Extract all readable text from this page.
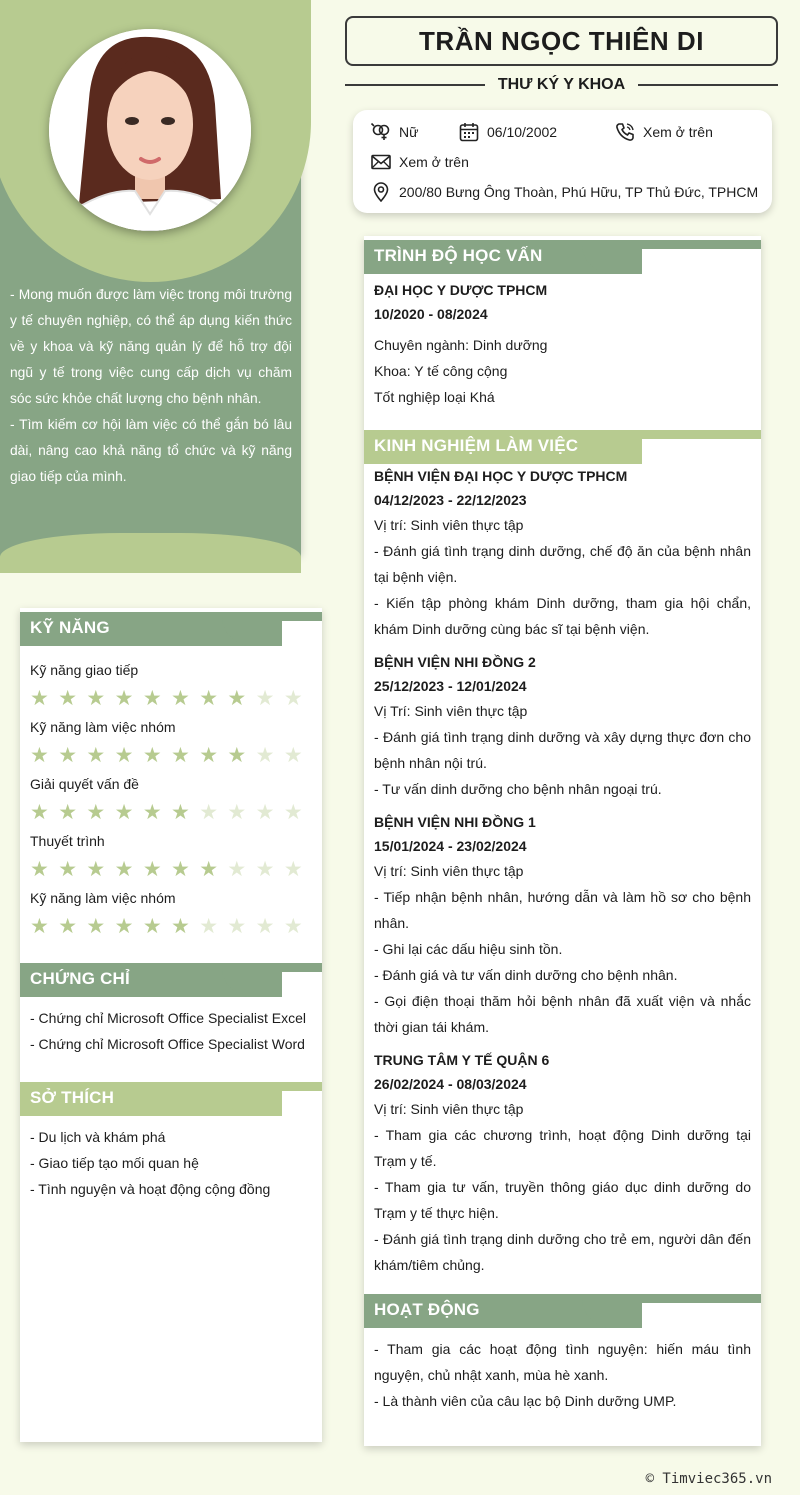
- Mong muốn được làm việc trong môi trường y tế chuyên nghiệp, có thể áp dụng kiến thức về y khoa và kỹ năng quản lý để hỗ trợ đội ngũ y tế trong việc cung cấp dịch vụ chăm sóc sức khỏe chất lượng cho bệnh nhân.

- Tìm kiếm cơ hội làm việc có thể gắn bó lâu dài, nâng cao khả năng tổ chức và kỹ năng giao tiếp của mình.

KỸ NĂNG
Kỹ năng giao tiếp
★ ★ ★ ★ ★ ★ ★ ★ ★ ★
Kỹ năng làm việc nhóm
★ ★ ★ ★ ★ ★ ★ ★ ★ ★
Giải quyết vấn đề
★ ★ ★ ★ ★ ★ ★ ★ ★ ★
Thuyết trình
★ ★ ★ ★ ★ ★ ★ ★ ★ ★
Kỹ năng làm việc nhóm
★ ★ ★ ★ ★ ★ ★ ★ ★ ★
CHỨNG CHỈ
- Chứng chỉ Microsoft Office Specialist Excel
- Chứng chỉ Microsoft Office Specialist Word
SỞ THÍCH
- Du lịch và khám phá
- Giao tiếp tạo mối quan hệ
- Tình nguyện và hoạt động cộng đồng
TRẦN NGỌC THIÊN DI
THƯ KÝ Y KHOA
Nữ	06/10/2002	Xem ở trên
Xem ở trên
200/80 Bưng Ông Thoàn, Phú Hữu, TP Thủ Đức, TPHCM
TRÌNH ĐỘ HỌC VẤN
ĐẠI HỌC Y DƯỢC TPHCM
10/2020 - 08/2024

Chuyên ngành: Dinh dưỡng

Khoa: Y tế công cộng

Tốt nghiệp loại Khá

KINH NGHIỆM LÀM VIỆC
BỆNH VIỆN ĐẠI HỌC Y DƯỢC TPHCM
04/12/2023 - 22/12/2023

Vị trí: Sinh viên thực tập

- Đánh giá tình trạng dinh dưỡng, chế độ ăn của bệnh nhân tại bệnh viện.

- Kiến tập phòng khám Dinh dưỡng, tham gia hội chẩn, khám Dinh dưỡng cùng bác sĩ tại bệnh viện.

BỆNH VIỆN NHI ĐỒNG 2
25/12/2023 - 12/01/2024

Vị Trí: Sinh viên thực tập

- Đánh giá tình trạng dinh dưỡng và xây dựng thực đơn cho bệnh nhân nội trú.

- Tư vấn dinh dưỡng cho bệnh nhân ngoại trú.

BỆNH VIỆN NHI ĐỒNG 1
15/01/2024 - 23/02/2024

Vị trí: Sinh viên thực tập

- Tiếp nhận bệnh nhân, hướng dẫn và làm hồ sơ cho bệnh nhân.

- Ghi lại các dấu hiệu sinh tồn.

- Đánh giá và tư vấn dinh dưỡng cho bệnh nhân.

- Gọi điện thoại thăm hỏi bệnh nhân đã xuất viện và nhắc thời gian tái khám.

TRUNG TÂM Y TẾ QUẬN 6
26/02/2024 - 08/03/2024

Vị trí: Sinh viên thực tập

- Tham gia các chương trình, hoạt động Dinh dưỡng tại Trạm y tế.

- Tham gia tư vấn, truyền thông giáo dục dinh dưỡng do Trạm y tế thực hiện.

- Đánh giá tình trạng dinh dưỡng cho trẻ em, người dân đến khám/tiêm chủng.

HOẠT ĐỘNG

- Tham gia các hoạt động tình nguyện: hiến máu tình nguyện, chủ nhật xanh, mùa hè xanh.

- Là thành viên của câu lạc bộ Dinh dưỡng UMP.

© Timviec365.vn
